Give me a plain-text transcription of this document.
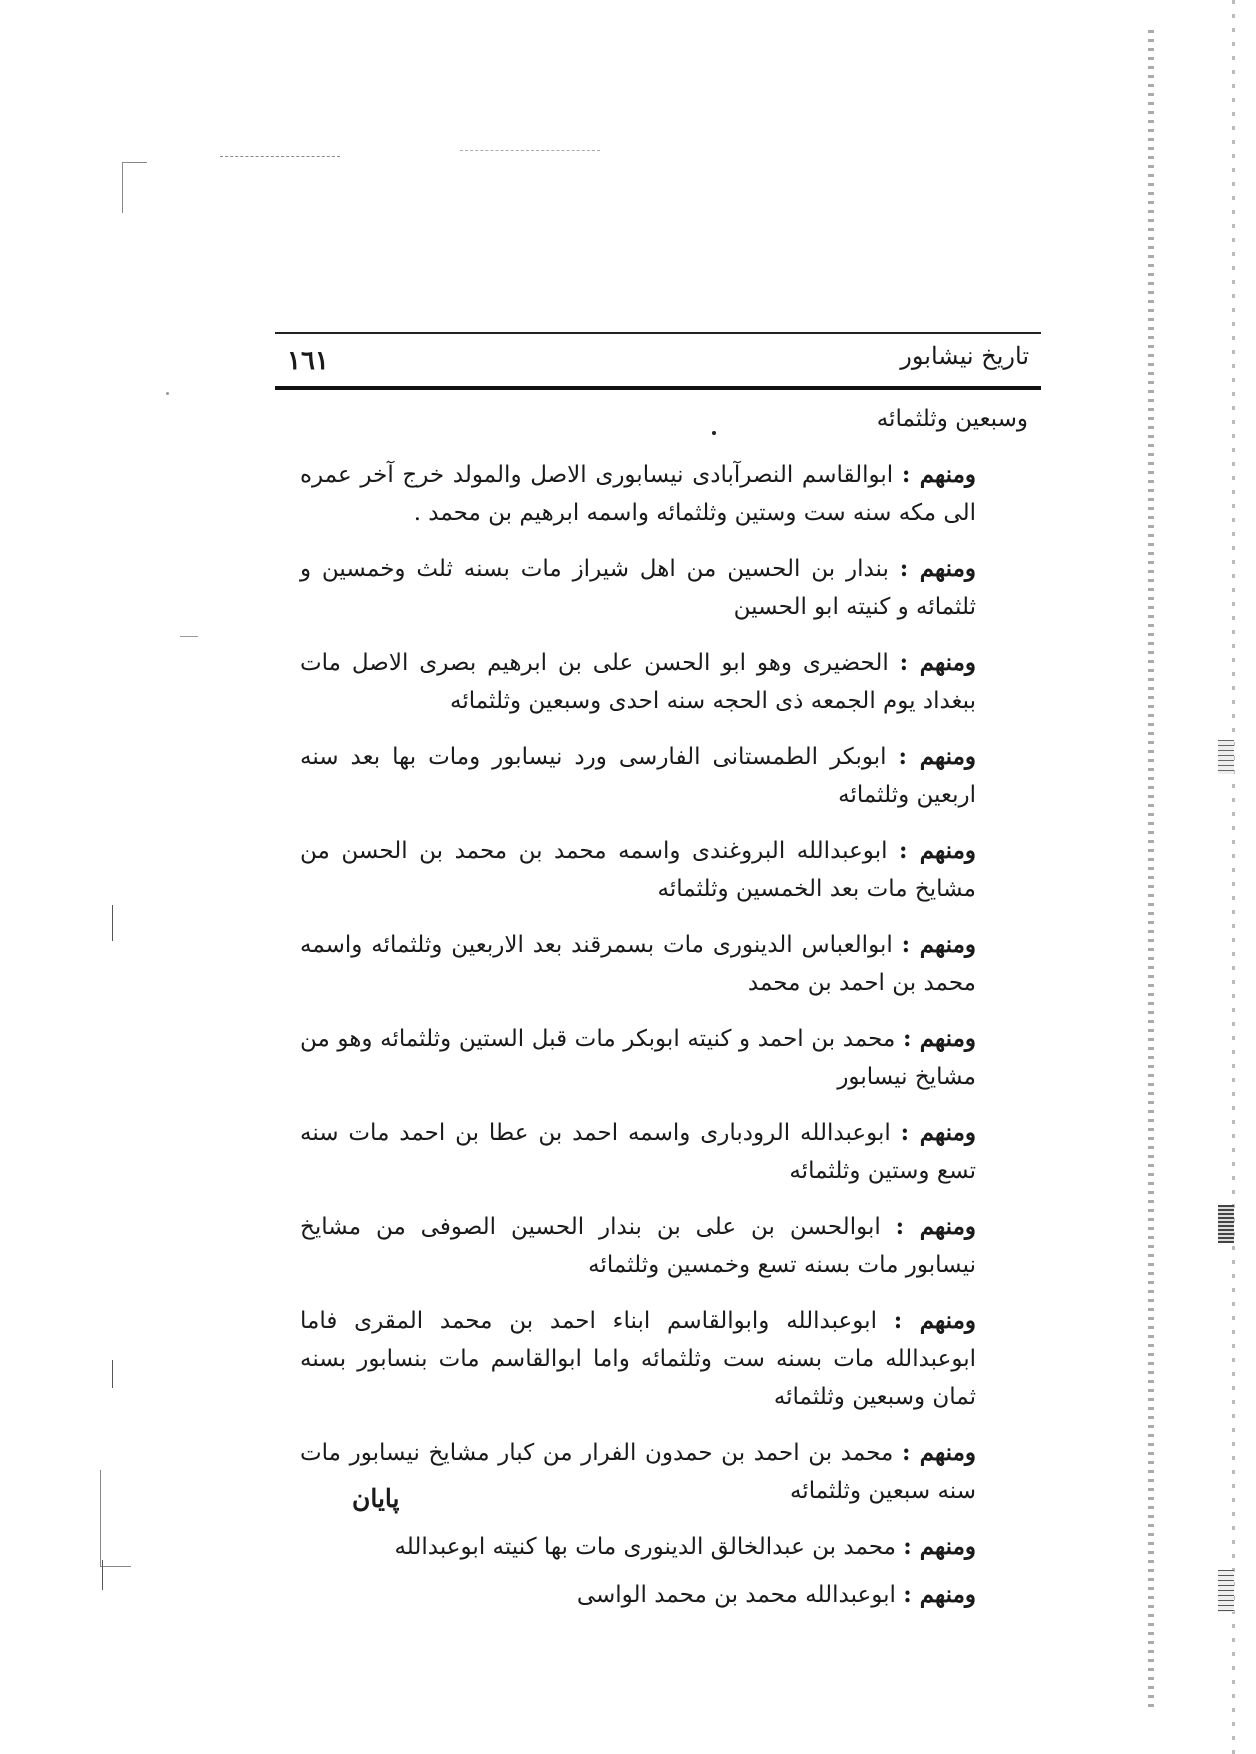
١٦١	تاریخ نیشابور

وسبعین وثلثمائه

ومنهم : ابوالقاسم النصرآبادی نیسابوری الاصل والمولد خرج آخر عمره الی مکه سنه ست وستین وثلثمائه واسمه ابرهیم بن محمد .

ومنهم : بندار بن الحسین من اهل شیراز مات بسنه ثلث وخمسین و ثلثمائه و کنیته ابو الحسین

ومنهم : الحضیری وهو ابو الحسن علی بن ابرهیم بصری الاصل مات ببغداد یوم الجمعه ذی الحجه سنه احدی وسبعین وثلثمائه

ومنهم : ابوبکر الطمستانی الفارسی ورد نیسابور ومات بها بعد سنه اربعین وثلثمائه

ومنهم : ابوعبدالله البروغندی واسمه محمد بن محمد بن الحسن من مشایخ مات بعد الخمسین وثلثمائه

ومنهم : ابوالعباس الدینوری مات بسمرقند بعد الاربعین وثلثمائه واسمه محمد بن احمد بن محمد

ومنهم : محمد بن احمد و کنیته ابوبکر مات قبل الستین وثلثمائه وهو من مشایخ نیسابور

ومنهم : ابوعبدالله الرودباری واسمه احمد بن عطا بن احمد مات سنه تسع وستین وثلثمائه

ومنهم : ابوالحسن بن علی بن بندار الحسین الصوفی من مشایخ نیسابور مات بسنه تسع وخمسین وثلثمائه

ومنهم : ابوعبدالله وابوالقاسم ابناء احمد بن محمد المقری فاما ابوعبدالله مات بسنه ست وثلثمائه واما ابوالقاسم مات بنسابور بسنه ثمان وسبعین وثلثمائه

ومنهم : محمد بن احمد بن حمدون الفرار من کبار مشایخ نیسابور مات سنه سبعین وثلثمائه

ومنهم : محمد بن عبدالخالق الدینوری مات بها کنیته ابوعبدالله

ومنهم : ابوعبدالله محمد بن محمد الواسی

پایان
